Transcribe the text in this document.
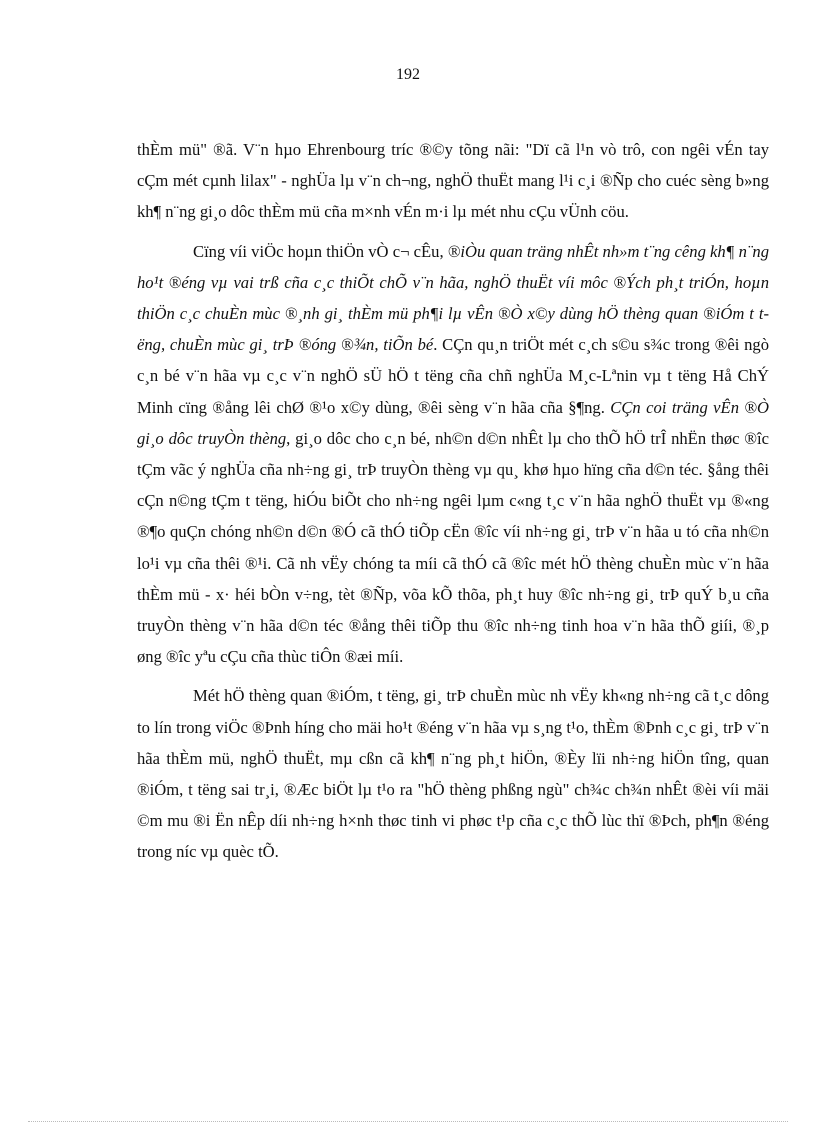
192

thÈm mü" ®ã. V¨n hµo Ehrenbourg tríc ®©y tõng nãi: "Dï cã l¹n vò trô, con ngêi vÉn tay cÇm mét cµnh lilax" - nghÜa lµ v¨n ch¬ng, nghÖ thuËt mang l¹i c¸i ®Ñp cho cuéc sèng b»ng kh¶ n¨ng gi¸o dôc thÈm mü cña m×nh vÉn m·i lµ mét nhu cÇu vÜnh cöu.

Cïng víi viÖc hoµn thiÖn vÒ c¬ cÊu, ®iÒu quan träng nhÊt nh»m t¨ng cêng kh¶ n¨ng ho¹t ®éng vµ vai trß cña c¸c thiÕt chÕ v¨n hãa, nghÖ thuËt víi môc ®Ých ph¸t triÓn, hoµn thiÖn c¸c chuÈn mùc ®¸nh gi¸ thÈm mü ph¶i lµ vÊn ®Ò x©y dùng hÖ thèng quan ®iÓm t tëng, chuÈn mùc gi¸ trÞ ®óng ®¾n, tiÕn bé. CÇn qu¸n triÖt mét c¸ch s©u s¾c trong ®êi ngò c¸n bé v¨n hãa vµ c¸c v¨n nghÖ sÜ hÖ t tëng cña chñ nghÜa M¸c-Lªnin vµ t tëng Hå ChÝ Minh cïng ®ång lêi chØ ®¹o x©y dùng, ®êi sèng v¨n hãa cña §¶ng. CÇn coi träng vÊn ®Ò gi¸o dôc truyÒn thèng, gi¸o dôc cho c¸n bé, nh©n d©n nhÊt lµ cho thÕ hÖ trÎ nhËn thøc ®îc tÇm vãc ý nghÜa cña nh÷ng gi¸ trÞ truyÒn thèng vµ qu¸ khø hµo hïng cña d©n téc. §ång thêi cÇn n©ng tÇm t tëng, hiÓu biÕt cho nh÷ng ngêi lµm c«ng t¸c v¨n hãa nghÖ thuËt vµ ®«ng ®¶o quÇn chóng nh©n d©n ®Ó cã thÓ tiÕp cËn ®îc víi nh÷ng gi¸ trÞ v¨n hãa u tó cña nh©n lo¹i vµ cña thêi ®¹i. Cã nh vËy chóng ta míi cã thÓ cã ®îc mét hÖ thèng chuÈn mùc v¨n hãa thÈm mü - x· héi bÒn v÷ng, tèt ®Ñp, võa kÕ thõa, ph¸t huy ®îc nh÷ng gi¸ trÞ quÝ b¸u cña truyÒn thèng v¨n hãa d©n téc ®ång thêi tiÕp thu ®îc nh÷ng tinh hoa v¨n hãa thÕ giíi, ®¸p øng ®îc yªu cÇu cña thùc tiÔn ®æi míi.

Mét hÖ thèng quan ®iÓm, t tëng, gi¸ trÞ chuÈn mùc nh vËy kh«ng nh÷ng cã t¸c dông to lín trong viÖc ®Þnh híng cho mäi ho¹t ®éng v¨n hãa vµ s¸ng t¹o, thÈm ®Þnh c¸c gi¸ trÞ v¨n hãa thÈm mü, nghÖ thuËt, mµ cßn cã kh¶ n¨ng ph¸t hiÖn, ®Èy lïi nh÷ng hiÖn tîng, quan ®iÓm, t tëng sai tr¸i, ®Æc biÖt lµ t¹o ra "hÖ thèng phßng ngù" ch¾c ch¾n nhÊt ®èi víi mäi ©m mu ®i Ën nÊp díi nh÷ng h×nh thøc tinh vi phøc t¹p cña c¸c thÕ lùc thï ®Þch, ph¶n ®éng trong níc vµ quèc tÕ.
